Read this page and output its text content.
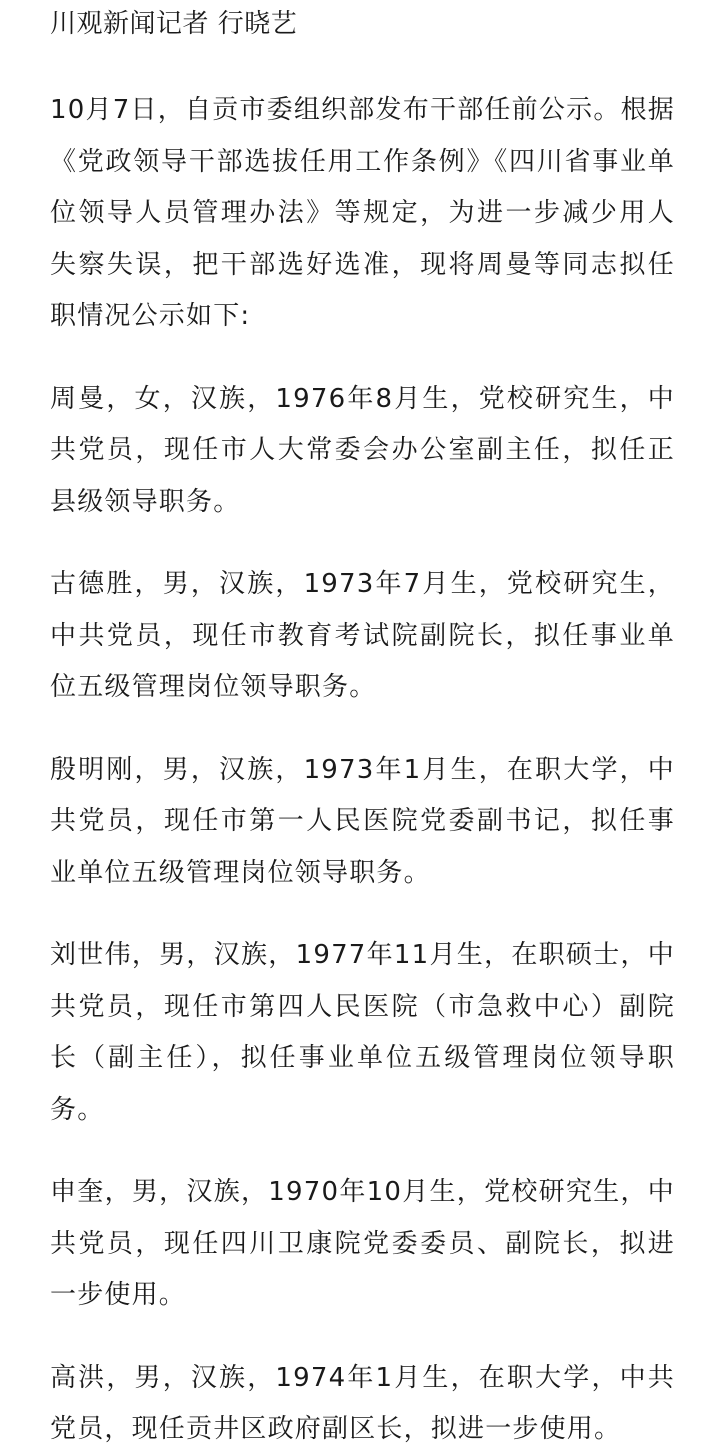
川观新闻记者 行晓艺

10月7日，自贡市委组织部发布干部任前公示。根据《党政领导干部选拔任用工作条例》《四川省事业单位领导人员管理办法》等规定，为进一步减少用人失察失误，把干部选好选准，现将周曼等同志拟任职情况公示如下:

周曼，女，汉族，1976年8月生，党校研究生，中共党员，现任市人大常委会办公室副主任，拟任正县级领导职务。

古德胜，男，汉族，1973年7月生，党校研究生，中共党员，现任市教育考试院副院长，拟任事业单位五级管理岗位领导职务。

殷明刚，男，汉族，1973年1月生，在职大学，中共党员，现任市第一人民医院党委副书记，拟任事业单位五级管理岗位领导职务。

刘世伟，男，汉族，1977年11月生，在职硕士，中共党员，现任市第四人民医院（市急救中心）副院长（副主任），拟任事业单位五级管理岗位领导职务。

申奎，男，汉族，1970年10月生，党校研究生，中共党员，现任四川卫康院党委委员、副院长，拟进一步使用。

高洪，男，汉族，1974年1月生，在职大学，中共党员，现任贡井区政府副区长，拟进一步使用。
